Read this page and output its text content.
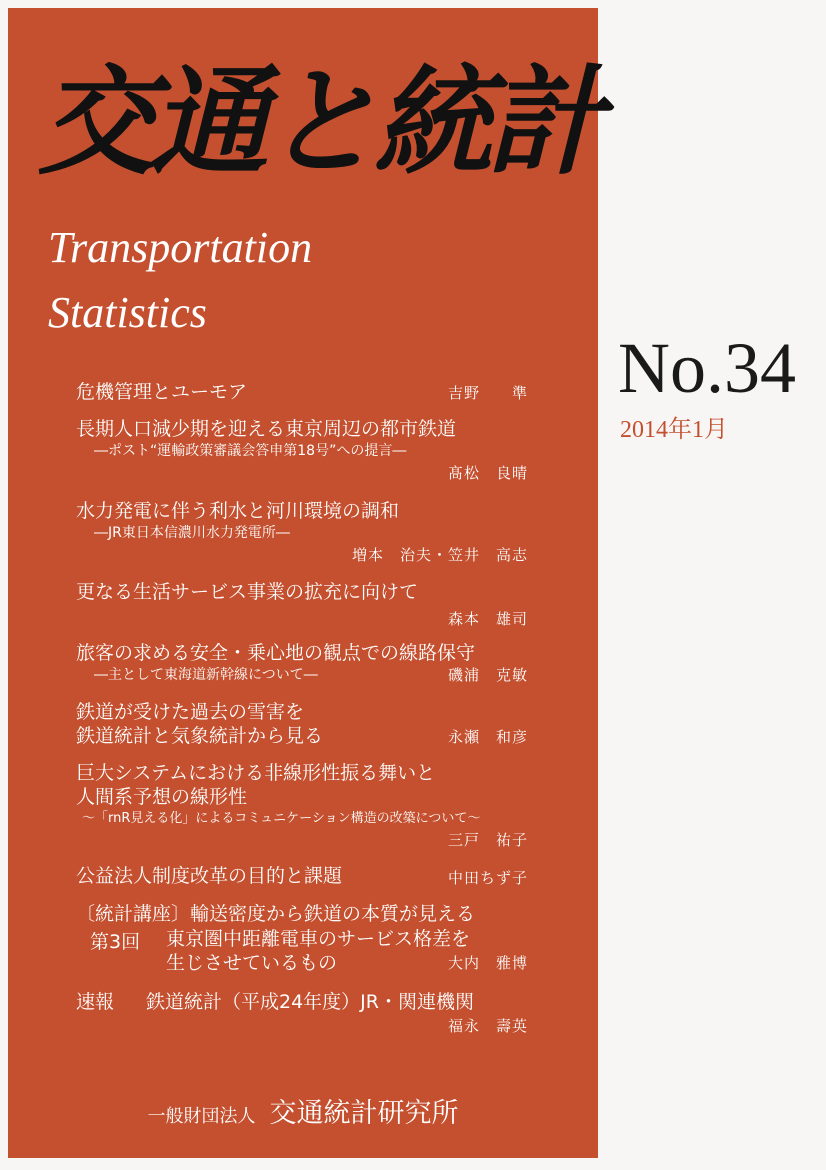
交通と統計
Transportation
Statistics
危機管理とユーモア	吉野　　準
長期人口減少期を迎える東京周辺の都市鉄道
―ポスト“運輸政策審議会答申第18号”への提言―
髙松　良晴
水力発電に伴う利水と河川環境の調和
―JR東日本信濃川水力発電所―
増本　治夫・笠井　高志
更なる生活サービス事業の拡充に向けて
森本　雄司
旅客の求める安全・乗心地の観点での線路保守
―主として東海道新幹線について―	磯浦　克敏
鉄道が受けた過去の雪害を
鉄道統計と気象統計から見る	永瀬　和彦
巨大システムにおける非線形性振る舞いと
人間系予想の線形性
～「rnR見える化」によるコミュニケーション構造の改築について～
三戸　祐子
公益法人制度改革の目的と課題	中田ちず子
〔統計講座〕輸送密度から鉄道の本質が見える
第3回 東京圏中距離電車のサービス格差を
生じさせているもの	大内　雅博
速報 鉄道統計（平成24年度）JR・関連機関
福永　壽英
一般財団法人 交通統計研究所
No.34
2014年1月
